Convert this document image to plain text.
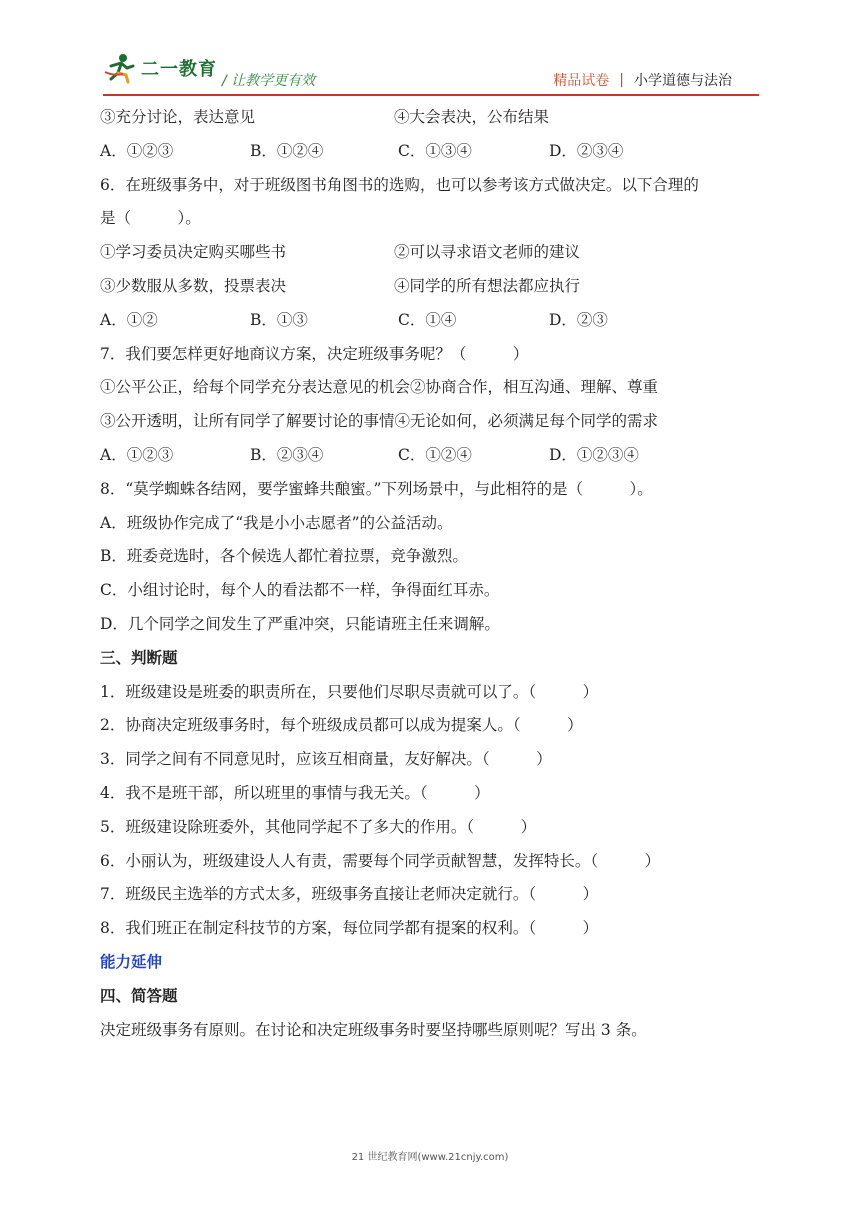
二一教育
/ 让教学更有效	精品试卷 | 小学道德与法治
③充分讨论，表达意见	④大会表决，公布结果
A．①②③	B．①②④	C．①③④	D．②③④
6．在班级事务中，对于班级图书角图书的选购，也可以参考该方式做决定。以下合理的
是（　　　）。
①学习委员决定购买哪些书	②可以寻求语文老师的建议
③少数服从多数，投票表决	④同学的所有想法都应执行
A．①②	B．①③	C．①④	D．②③
7．我们要怎样更好地商议方案，决定班级事务呢？（　　　）
①公平公正，给每个同学充分表达意见的机会②协商合作，相互沟通、理解、尊重
③公开透明，让所有同学了解要讨论的事情④无论如何，必须满足每个同学的需求
A．①②③	B．②③④	C．①②④	D．①②③④
8．“莫学蜘蛛各结网，要学蜜蜂共酿蜜。”下列场景中，与此相符的是（　　　）。
A．班级协作完成了“我是小小志愿者”的公益活动。
B．班委竞选时，各个候选人都忙着拉票，竞争激烈。
C．小组讨论时，每个人的看法都不一样，争得面红耳赤。
D．几个同学之间发生了严重冲突，只能请班主任来调解。
三、判断题
1．班级建设是班委的职责所在，只要他们尽职尽责就可以了。（　　　）
2．协商决定班级事务时，每个班级成员都可以成为提案人。（　　　）
3．同学之间有不同意见时，应该互相商量，友好解决。（　　　）
4．我不是班干部，所以班里的事情与我无关。（　　　）
5．班级建设除班委外，其他同学起不了多大的作用。（　　　）
6．小丽认为，班级建设人人有责，需要每个同学贡献智慧，发挥特长。（　　　）
7．班级民主选举的方式太多，班级事务直接让老师决定就行。（　　　）
8．我们班正在制定科技节的方案，每位同学都有提案的权利。（　　　）
能力延伸
四、简答题
决定班级事务有原则。在讨论和决定班级事务时要坚持哪些原则呢？写出 3 条。
21 世纪教育网(www.21cnjy.com)
